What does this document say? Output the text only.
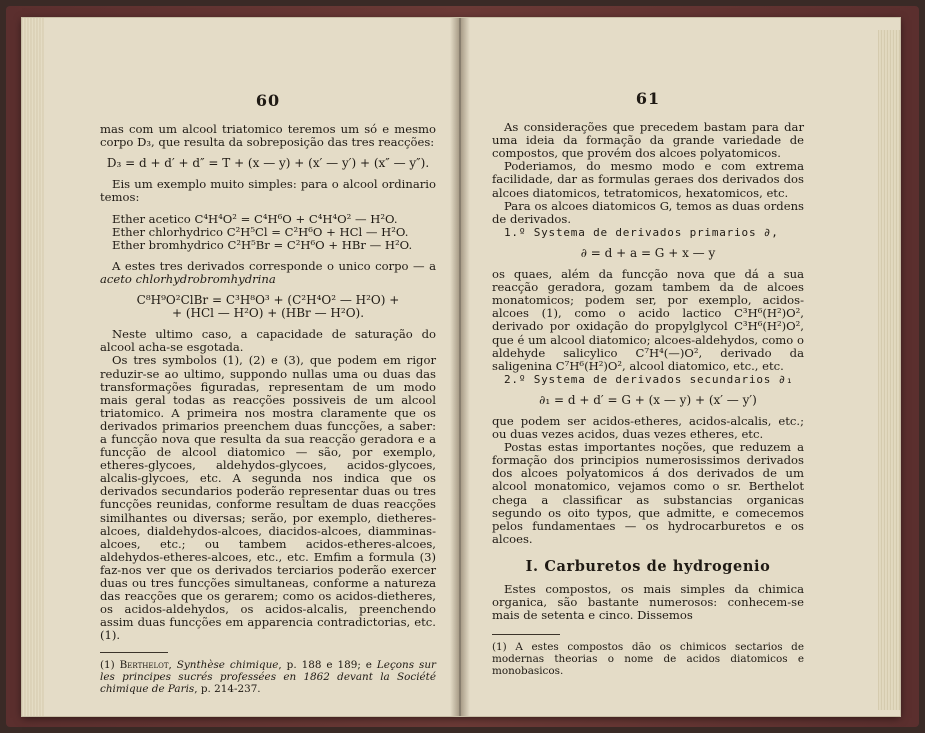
60

mas com um alcool triatomico teremos um só e mesmo corpo D₃, que resulta da sobreposição das tres reacções:

D₃ = d + d′ + d″ = T + (x — y) + (x′ — y′) + (x″ — y″).

Eis um exemplo muito simples: para o alcool ordinario temos:

Ether acetico C⁴H⁴O² = C⁴H⁶O + C⁴H⁴O² — H²O.
Ether chlorhydrico C²H⁵Cl = C²H⁶O + HCl — H²O.
Ether bromhydrico C²H⁵Br = C²H⁶O + HBr — H²O.

A estes tres derivados corresponde o unico corpo — a aceto chlorhydrobromhydrina

C⁸H⁹O²ClBr = C³H⁸O³ + (C²H⁴O² — H²O) +
+ (HCl — H²O) + (HBr — H²O).

Neste ultimo caso, a capacidade de saturação do alcool acha-se esgotada.

Os tres symbolos (1), (2) e (3), que podem em rigor reduzir-se ao ultimo, suppondo nullas uma ou duas das transformações figuradas, representam de um modo mais geral todas as reacções possiveis de um alcool triatomico. A primeira nos mostra claramente que os derivados primarios preenchem duas funcções, a saber: a funcção nova que resulta da sua reacção geradora e a funcção de alcool diatomico — são, por exemplo, etheres-glycoes, aldehydos-glycoes, acidos-glycoes, alcalis-glycoes, etc. A segunda nos indica que os derivados secundarios poderão representar duas ou tres funcções reunidas, conforme resultam de duas reacções similhantes ou diversas; serão, por exemplo, dietheres-alcoes, dialdehydos-alcoes, diacidos-alcoes, diamminas-alcoes, etc.; ou tambem acidos-etheres-alcoes, aldehydos-etheres-alcoes, etc., etc. Emfim a formula (3) faz-nos ver que os derivados terciarios poderão exercer duas ou tres funcções simultaneas, conforme a natureza das reacções que os gerarem; como os acidos-dietheres, os acidos-aldehydos, os acidos-alcalis, preenchendo assim duas funcções em apparencia contradictorias, etc. (1).

(1) Berthelot, Synthèse chimique, p. 188 e 189; e Leçons sur les principes sucrés professées en 1862 devant la Société chimique de Paris, p. 214-237.

61

As considerações que precedem bastam para dar uma ideia da formação da grande variedade de compostos, que provém dos alcoes polyatomicos.

Poderiamos, do mesmo modo e com extrema facilidade, dar as formulas geraes dos derivados dos alcoes diatomicos, tetratomicos, hexatomicos, etc.

Para os alcoes diatomicos G, temos as duas ordens de derivados.

1.º Systema de derivados primarios ∂,

∂ = d + a = G + x — y

os quaes, além da funcção nova que dá a sua reacção geradora, gozam tambem da de alcoes monatomicos; podem ser, por exemplo, acidos-alcoes (1), como o acido lactico C³H⁶(H²)O², derivado por oxidação do propylglycol C³H⁶(H²)O², que é um alcool diatomico; alcoes-aldehydos, como o aldehyde salicylico C⁷H⁴(—)O², derivado da saligenina C⁷H⁶(H²)O², alcool diatomico, etc., etc.

2.º Systema de derivados secundarios ∂₁

∂₁ = d + d′ = G + (x — y) + (x′ — y′)

que podem ser acidos-etheres, acidos-alcalis, etc.; ou duas vezes acidos, duas vezes etheres, etc.

Postas estas importantes noções, que reduzem a formação dos principios numerosissimos derivados dos alcoes polyatomicos á dos derivados de um alcool monatomico, vejamos como o sr. Berthelot chega a classificar as substancias organicas segundo os oito typos, que admitte, e comecemos pelos fundamentaes — os hydrocarburetos e os alcoes.

I. Carburetos de hydrogenio

Estes compostos, os mais simples da chimica organica, são bastante numerosos: conhecem-se mais de setenta e cinco. Dissemos

(1) A estes compostos dão os chimicos sectarios de modernas theorias o nome de acidos diatomicos e monobasicos.
